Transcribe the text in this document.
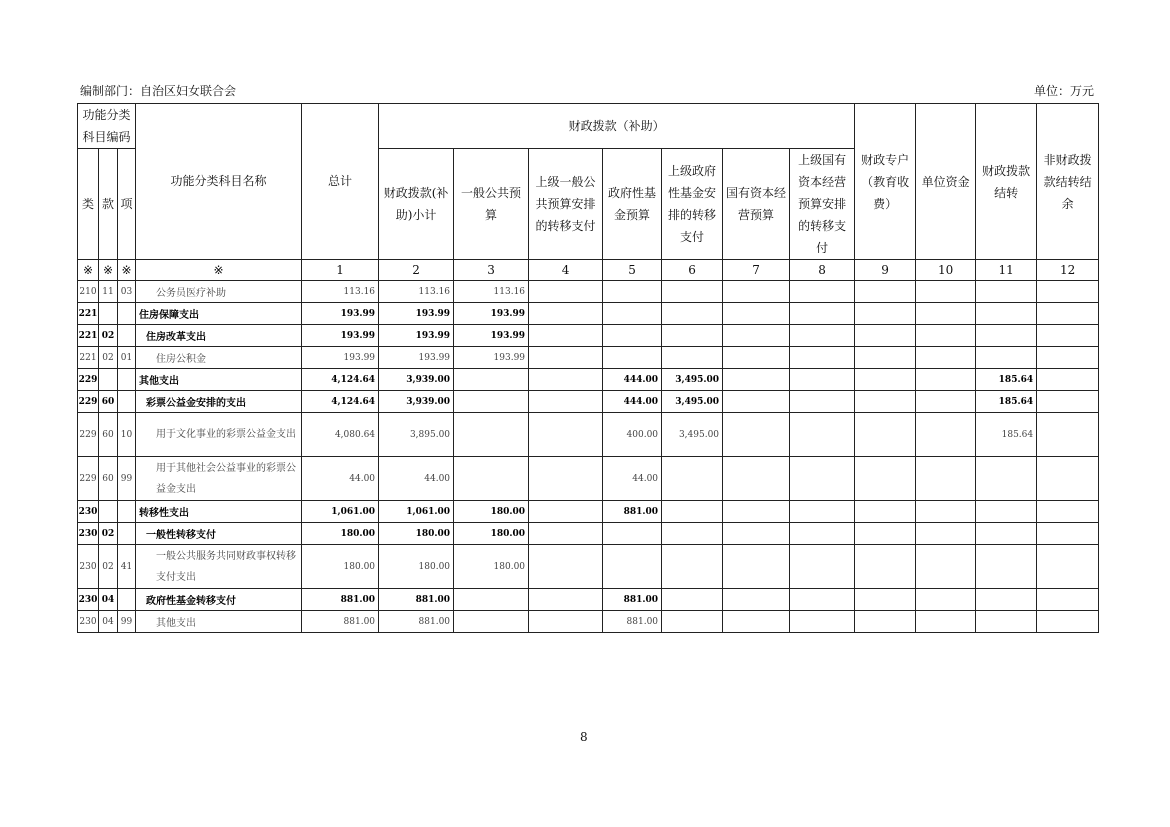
编制部门：自治区妇女联合会	单位：万元
功能分类科目编码			功能分类科目名称	总计	财政拨款（补助）							财政专户（教育收费）	单位资金	财政拨款结转	非财政拨款结转结余
类	款	项			财政拨款(补助)小计	一般公共预算	上级一般公共预算安排的转移支付	政府性基金预算	上级政府性基金安排的转移支付	国有资本经营预算	上级国有资本经营预算安排的转移支付				
※	※	※	※	1	2	3	4	5	6	7	8	9	10	11	12
210	11	03	公务员医疗补助	113.16	113.16	113.16									
221			住房保障支出	193.99	193.99	193.99									
221	02		住房改革支出	193.99	193.99	193.99									
221	02	01	住房公积金	193.99	193.99	193.99									
229			其他支出	4,124.64	3,939.00			444.00	3,495.00					185.64	
229	60		彩票公益金安排的支出	4,124.64	3,939.00			444.00	3,495.00					185.64	
229	60	10	用于文化事业的彩票公益金支出	4,080.64	3,895.00			400.00	3,495.00					185.64	
229	60	99	用于其他社会公益事业的彩票公益金支出	44.00	44.00			44.00							
230			转移性支出	1,061.00	1,061.00	180.00		881.00							
230	02		一般性转移支付	180.00	180.00	180.00									
230	02	41	一般公共服务共同财政事权转移支付支出	180.00	180.00	180.00									
230	04		政府性基金转移支付	881.00	881.00			881.00							
230	04	99	其他支出	881.00	881.00			881.00							
8
